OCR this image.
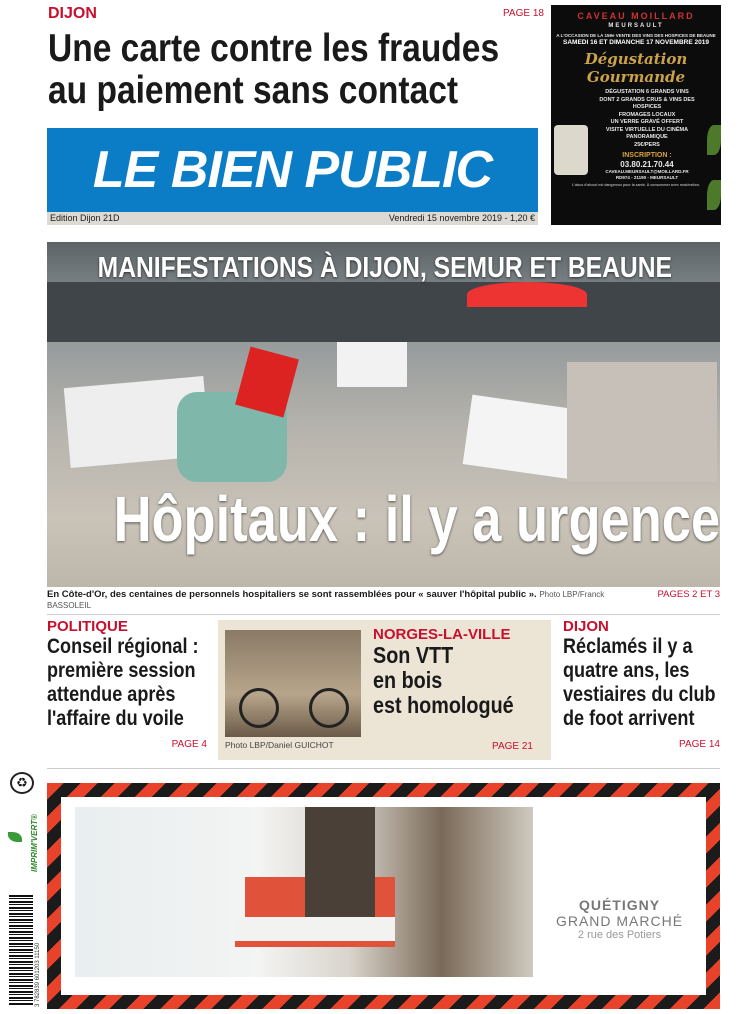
DIJON	PAGE 18
Une carte contre les fraudes
au paiement sans contact
LE BIEN PUBLIC
Edition Dijon 21D	Vendredi 15 novembre 2019 - 1,20 €
CAVEAU MOILLARD
MEURSAULT
A L'OCCASION DE LA 159e VENTE DES VINS DES HOSPICES DE BEAUNE
SAMEDI 16 ET DIMANCHE 17 NOVEMBRE 2019
Dégustation Gourmande
DÉGUSTATION 6 GRANDS VINS
DONT 2 GRANDS CRUS & VINS DES HOSPICES
FROMAGES LOCAUX
UN VERRE GRAVÉ OFFERT
VISITE VIRTUELLE DU CINÉMA PANORAMIQUE
25€/PERS
INSCRIPTION :
03.80.21.70.44
CAVEAU.MEURSAULT@MOILLARD.FR
RD974 - 21190 - MEURSAULT
L'abus d'alcool est dangereux pour la santé. À consommer avec modération.
MANIFESTATIONS À DIJON, SEMUR ET BEAUNE
Hôpitaux : il y a urgence
En Côte-d'Or, des centaines de personnels hospitaliers se sont rassemblées pour « sauver l'hôpital public ». Photo LBP/Franck BASSOLEIL
PAGES 2 ET 3
POLITIQUE
Conseil régional :
première session
attendue après
l'affaire du voile
PAGE 4 Photo LBP/Daniel GUICHOT
NORGES-LA-VILLE
Son VTT
en bois
est homologué
PAGE 21
DIJON
Réclamés il y a
quatre ans, les
vestiaires du club
de foot arrivent
PAGE 14
♻
IMPRIM'VERT®
3 782839 601203 11150
QUÉTIGNY
GRAND MARCHÉ
2 rue des Potiers
